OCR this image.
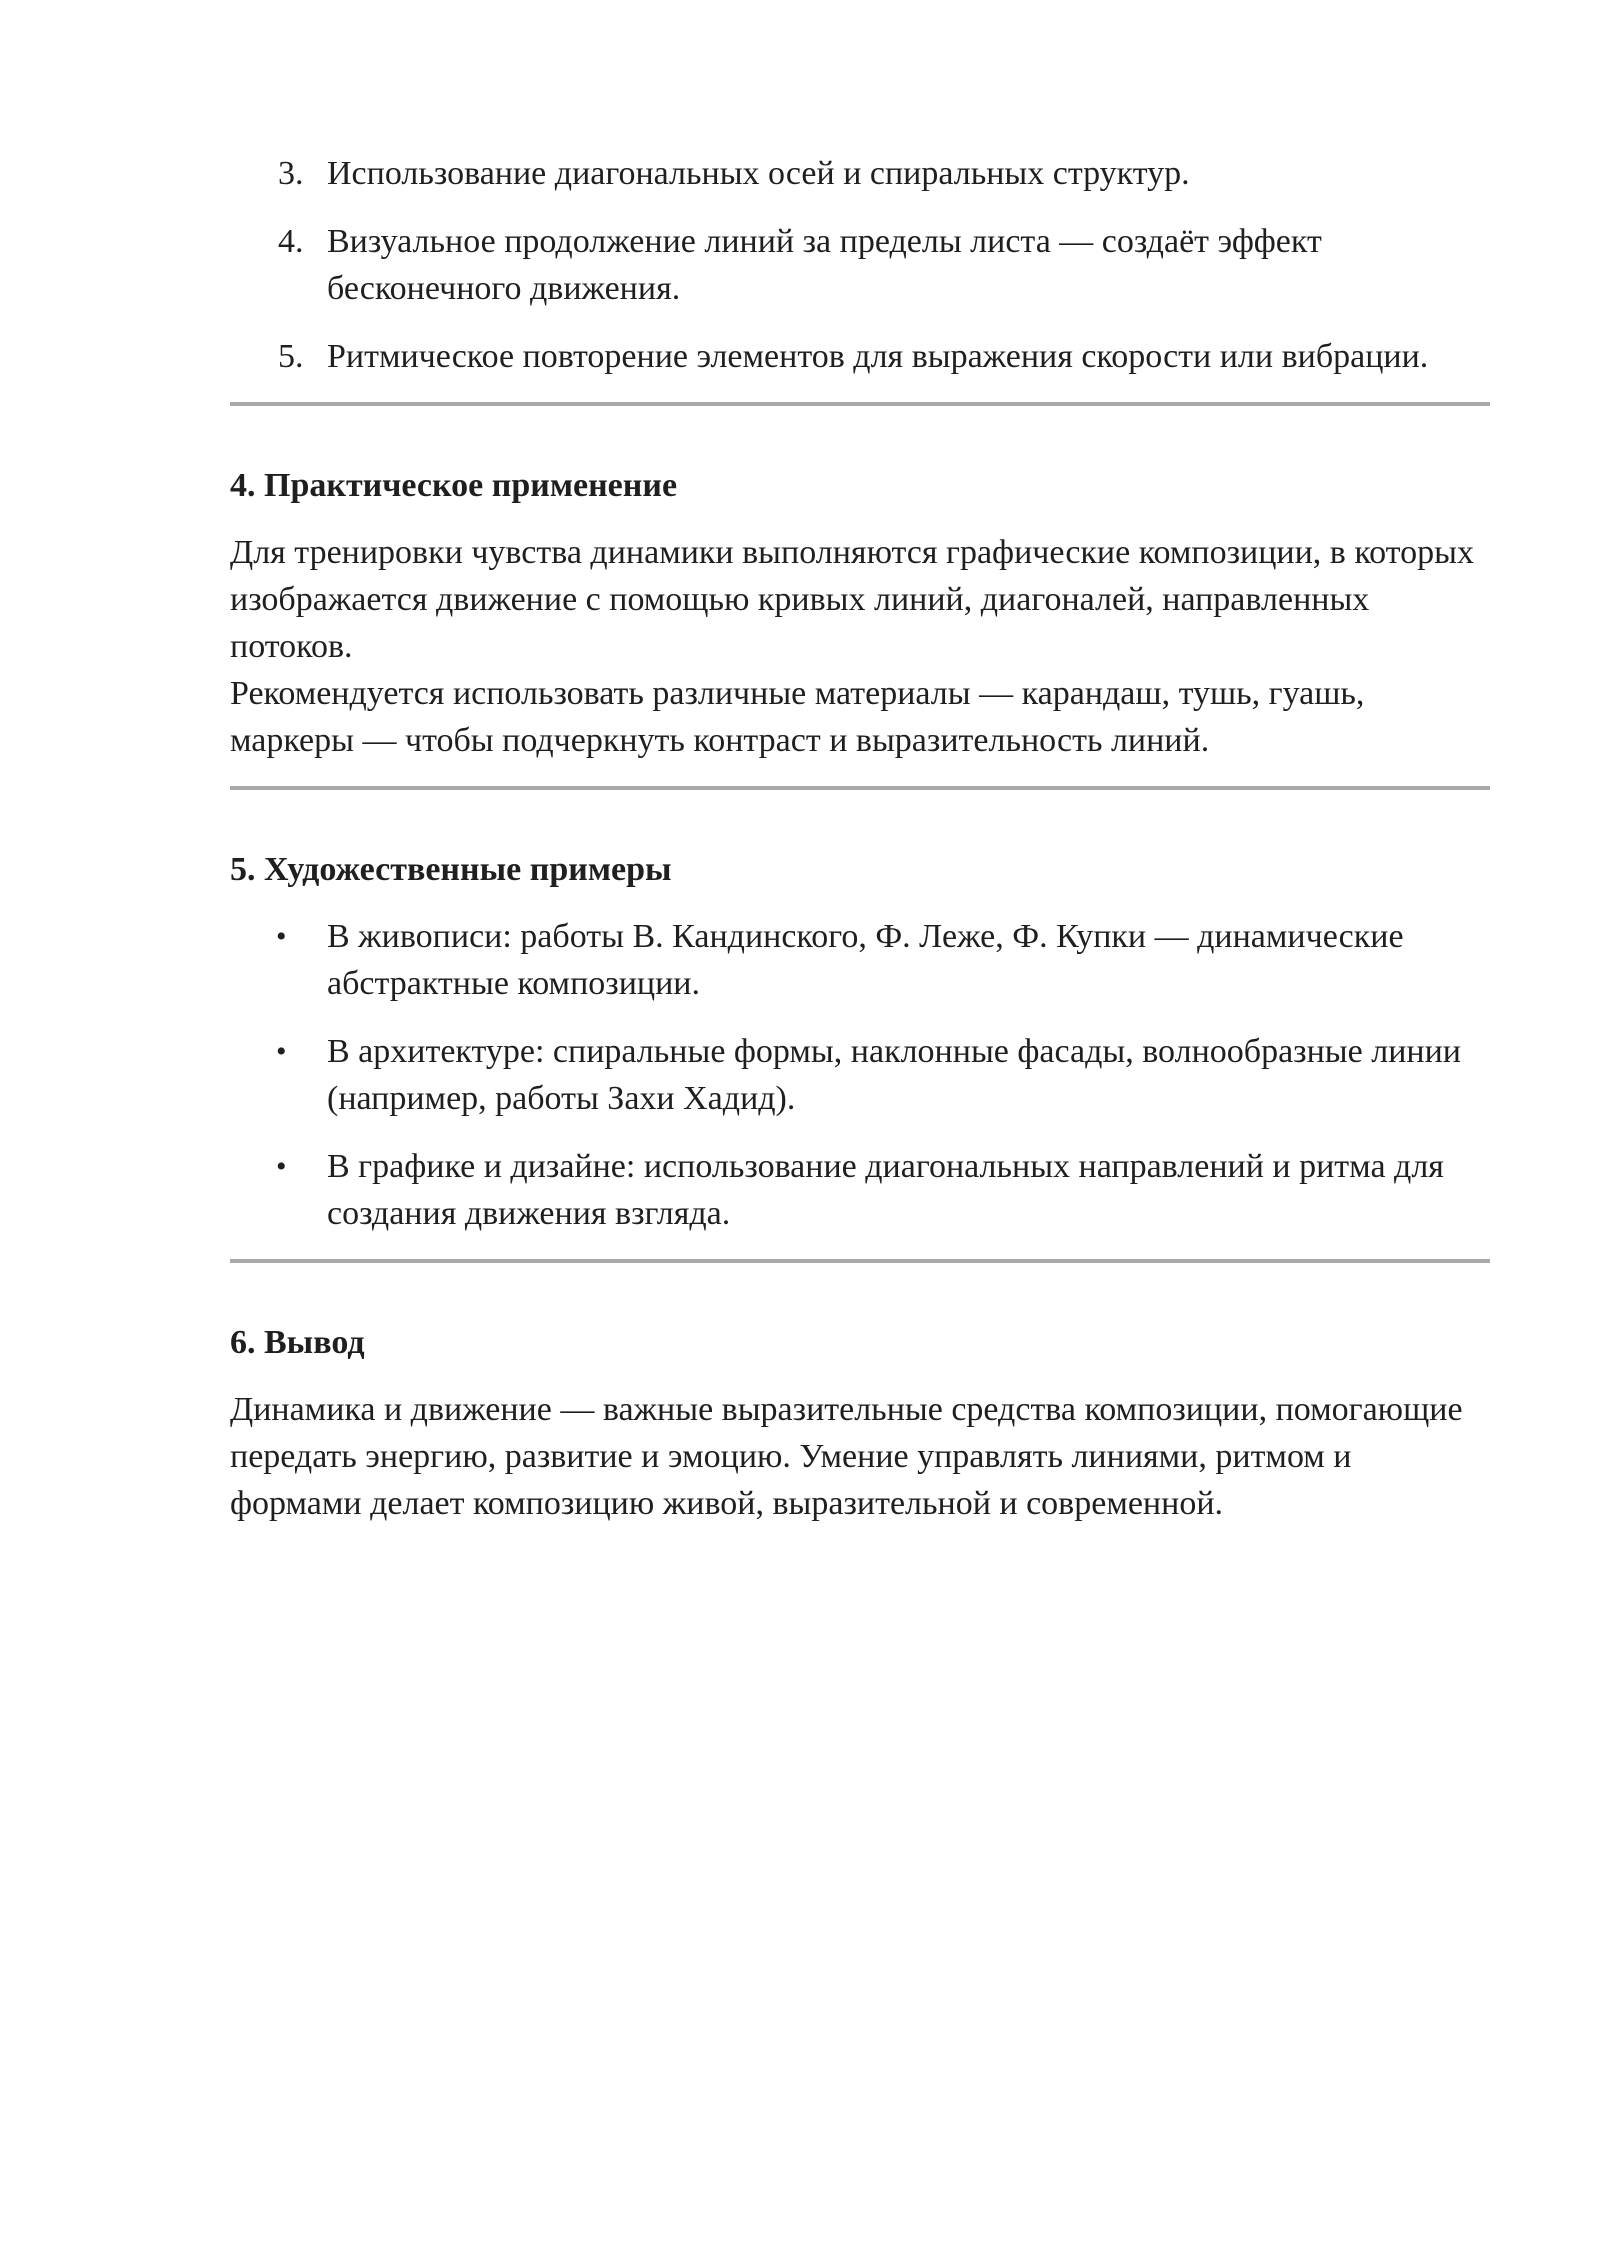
3. Использование диагональных осей и спиральных структур.
4. Визуальное продолжение линий за пределы листа — создаёт эффект бесконечного движения.
5. Ритмическое повторение элементов для выражения скорости или вибрации.
4. Практическое применение
Для тренировки чувства динамики выполняются графические композиции, в которых изображается движение с помощью кривых линий, диагоналей, направленных потоков.
Рекомендуется использовать различные материалы — карандаш, тушь, гуашь, маркеры — чтобы подчеркнуть контраст и выразительность линий.
5. Художественные примеры
• В живописи: работы В. Кандинского, Ф. Леже, Ф. Купки — динамические абстрактные композиции.
• В архитектуре: спиральные формы, наклонные фасады, волнообразные линии (например, работы Захи Хадид).
• В графике и дизайне: использование диагональных направлений и ритма для создания движения взгляда.
6. Вывод

Динамика и движение — важные выразительные средства композиции, помогающие передать энергию, развитие и эмоцию. Умение управлять линиями, ритмом и формами делает композицию живой, выразительной и современной.
